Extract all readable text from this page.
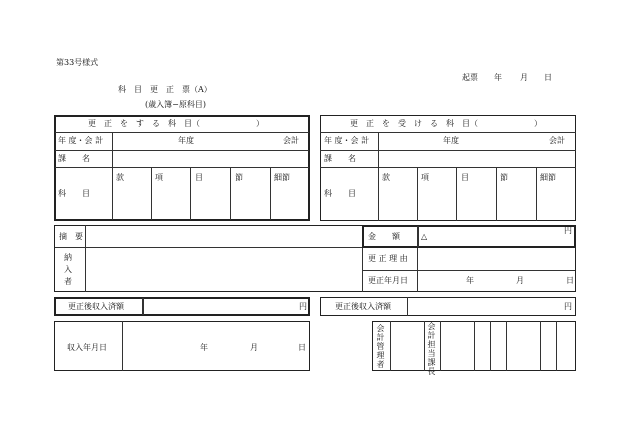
第33号様式
起票 年 月 日
科　目　更　正　票（A）
(歳入簿−原科目)
更　正　を　す　る　科　目（　　　　　　　）
年 度・会 計	年度	会計
課　　名
科　　目
款	項	目	節	細節
更　正　を　受　け　る　科　目（　　　　　　　）
年 度・会 計	年度	会計
課　　名
科　　目
款	項	目	節	細節
摘　要
納
入
者
金　　額	△
円
更 正 理 由
更正年月日	年	月	日
更正後収入済額	円	更正後収入済額	円
収入年月日	年	月	日	会計管理者	会計担当課長
